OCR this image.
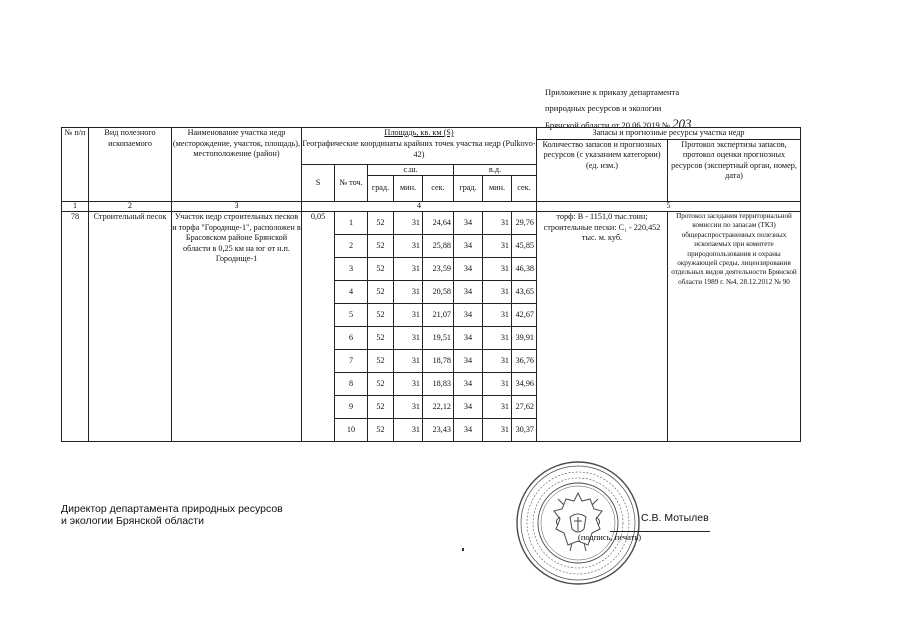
Приложение к приказу департамента
природных ресурсов и экологии
Брянской области от 20.06.2019 № 203
№ п/п	Вид полезного ископаемого	Наименование участка недр (месторождение, участок, площадь), местоположение (район)	Площадь, кв. км (S)								Запасы и прогнозные ресурсы участка недр	
			Географические координаты крайних точек участка недр (Pulkovo-42)								Количество запасов и прогнозных ресурсов (с указанием категории) (ед. изм.)	Протокол экспертизы запасов, протокол оценки прогнозных ресурсов (экспертный орган, номер, дата)
			S	№ точ.	с.ш.			в.д.				
					град.	мин.	сек.	град.	мин.	сек.		
1	2	3	4								5	
78	Строительный песок	Участок недр строительных песков и торфа "Городище-1", расположен в Брасовском районе Брянской области в 0,25 км на юг от н.п. Городище-1	0,05	1	52	31	24,64	34	31	29,76	торф: B - 1151,0 тыс.тонн; строительные пески: C₁ - 220,452 тыс. м. куб.	Протокол заседания территориальной комиссии по запасам (ТКЗ) общераспространенных полезных ископаемых при комитете природопользования и охраны окружающей среды, лицензирования отдельных видов деятельности Брянской области 1989 г. №4, 28.12.2012 № 90
				2	52	31	25,88	34	31	45,85		
				3	52	31	23,59	34	31	46,38		
				4	52	31	20,58	34	31	43,65		
				5	52	31	21,07	34	31	42,67		
				6	52	31	19,51	34	31	39,91		
				7	52	31	18,78	34	31	36,76		
				8	52	31	18,83	34	31	34,96		
				9	52	31	22,12	34	31	27,62		
				10	52	31	23,43	34	31	30,37		
Директор департамента природных ресурсов
и экологии Брянской области	С.В. Мотылев
(подпись, печать)
